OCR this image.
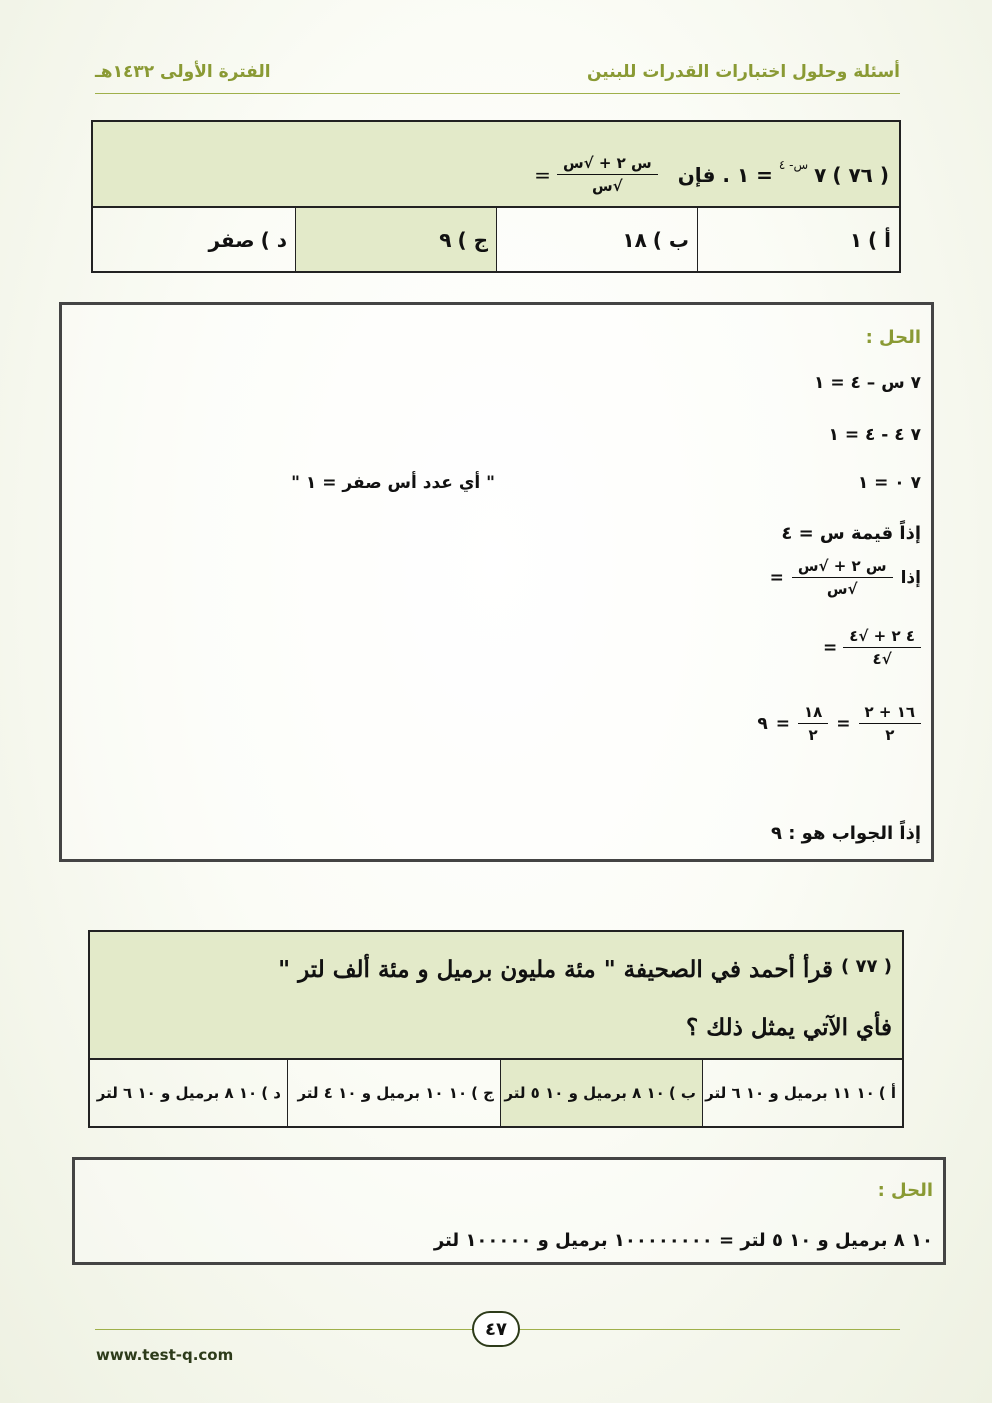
أسئلة وحلول اختبارات القدرات للبنين
الفترة الأولى ١٤٣٢هـ
( ٧٦ )
٧
س- ٤
= ١ . فإن
$\frac{\text{س ٢ + √س}}{\text{√س}}$
=
أ )
١
ب )
١٨
ج )
٩
د )
صفر
الحل :
٧ س – ٤ = ١
٧ ٤ - ٤ = ١
٧ ٠ = ١
" أي عدد أس صفر = ١ "
إذاً قيمة س = ٤
إذا
$\frac{\text{س ٢ + √س}}{\text{√س}}$
=
$\frac{٤ ٢ + √٤}{√٤}$
=
$\frac{١٦ + ٢}{٢}$
=
$\frac{١٨}{٢}$
=
٩
إذاً الجواب هو : ٩
( ٧٧ )
قرأ أحمد في الصحيفة " مئة مليون برميل و مئة ألف لتر "
فأي الآتي يمثل ذلك ؟
أ )
١٠ ١١ برميل و ١٠ ٦ لتر
ب )
١٠ ٨ برميل و ١٠ ٥ لتر
ج )
١٠ ١٠ برميل و ١٠ ٤ لتر
د )
١٠ ٨ برميل و ١٠ ٦ لتر
الحل :
١٠ ٨ برميل و ١٠ ٥ لتر = ١٠٠٠٠٠٠٠٠ برميل و ١٠٠٠٠٠ لتر
٤٧
www.test-q.com
